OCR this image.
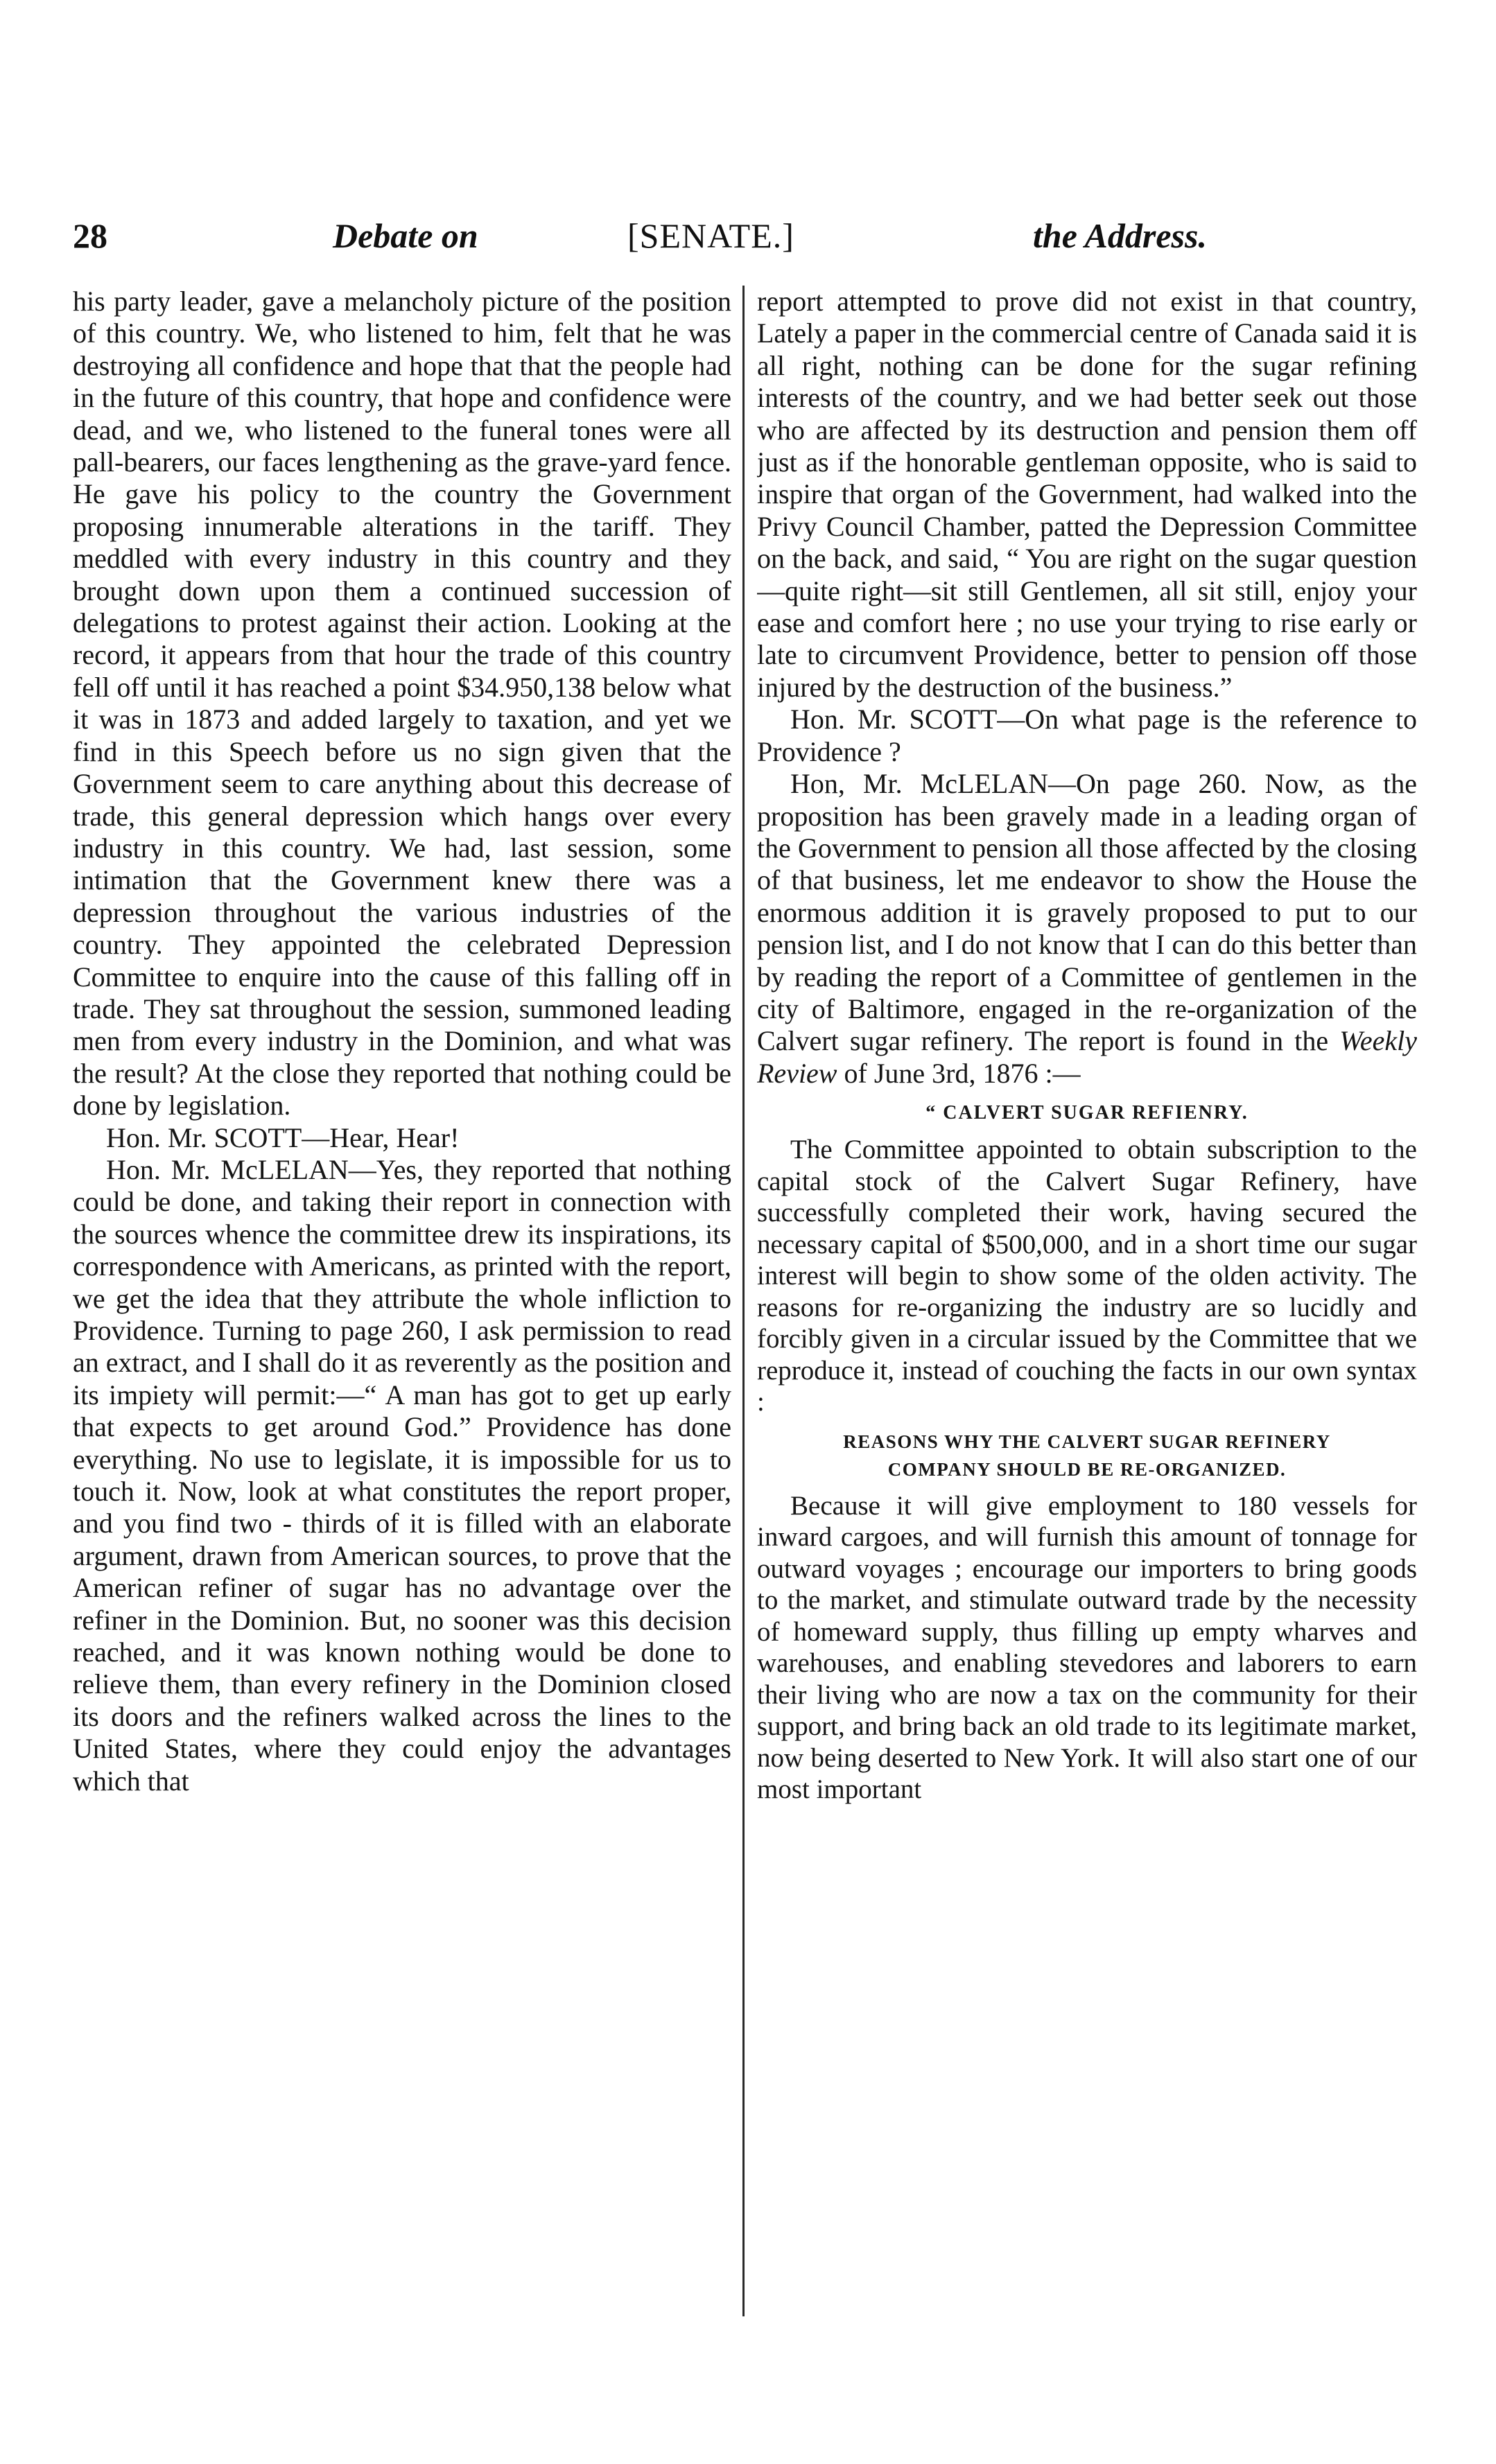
28	Debate on	[SENATE.]	the Address.

his party leader, gave a melancholy picture of the position of this country. We, who listened to him, felt that he was destroying all confidence and hope that that the people had in the future of this country, that hope and confidence were dead, and we, who listened to the funeral tones were all pall-bearers, our faces lengthening as the grave-yard fence. He gave his policy to the country the Government proposing innumerable alterations in the tariff. They meddled with every industry in this country and they brought down upon them a continued succession of delegations to protest against their action. Looking at the record, it appears from that hour the trade of this country fell off until it has reached a point $34.950,138 below what it was in 1873 and added largely to taxation, and yet we find in this Speech before us no sign given that the Government seem to care anything about this decrease of trade, this general depression which hangs over every industry in this country. We had, last session, some intimation that the Government knew there was a depression throughout the various industries of the country. They appointed the celebrated Depression Committee to enquire into the cause of this falling off in trade. They sat throughout the session, summoned leading men from every industry in the Dominion, and what was the result? At the close they reported that nothing could be done by legislation.

Hon. Mr. SCOTT—Hear, Hear!

Hon. Mr. McLELAN—Yes, they reported that nothing could be done, and taking their report in connection with the sources whence the committee drew its inspirations, its correspondence with Americans, as printed with the report, we get the idea that they attribute the whole infliction to Providence. Turning to page 260, I ask permission to read an extract, and I shall do it as reverently as the position and its impiety will permit:—“ A man has got to get up early that expects to get around God.” Providence has done everything. No use to legislate, it is impossible for us to touch it. Now, look at what constitutes the report proper, and you find two - thirds of it is filled with an elaborate argument, drawn from American sources, to prove that the American refiner of sugar has no advantage over the refiner in the Dominion. But, no sooner was this decision reached, and it was known nothing would be done to relieve them, than every refinery in the Dominion closed its doors and the refiners walked across the lines to the United States, where they could enjoy the advantages which that

report attempted to prove did not exist in that country, Lately a paper in the commercial centre of Canada said it is all right, nothing can be done for the sugar refining interests of the country, and we had better seek out those who are affected by its destruction and pension them off just as if the honorable gentleman opposite, who is said to inspire that organ of the Government, had walked into the Privy Council Chamber, patted the Depression Committee on the back, and said, “ You are right on the sugar question—quite right—sit still Gentlemen, all sit still, enjoy your ease and comfort here ; no use your trying to rise early or late to circumvent Providence, better to pension off those injured by the destruction of the business.”

Hon. Mr. SCOTT—On what page is the reference to Providence ?

Hon, Mr. McLELAN—On page 260. Now, as the proposition has been gravely made in a leading organ of the Government to pension all those affected by the closing of that business, let me endeavor to show the House the enormous addition it is gravely proposed to put to our pension list, and I do not know that I can do this better than by reading the report of a Committee of gentlemen in the city of Baltimore, engaged in the re-organization of the Calvert sugar refinery. The report is found in the Weekly Review of June 3rd, 1876 :—

“ CALVERT SUGAR REFIENRY.

The Committee appointed to obtain subscription to the capital stock of the Calvert Sugar Refinery, have successfully completed their work, having secured the necessary capital of $500,000, and in a short time our sugar interest will begin to show some of the olden activity. The reasons for re-organizing the industry are so lucidly and forcibly given in a circular issued by the Committee that we reproduce it, instead of couching the facts in our own syntax :

REASONS WHY THE CALVERT SUGAR REFINERY
COMPANY SHOULD BE RE-ORGANIZED.

Because it will give employment to 180 vessels for inward cargoes, and will furnish this amount of tonnage for outward voyages ; encourage our importers to bring goods to the market, and stimulate outward trade by the necessity of homeward supply, thus filling up empty wharves and warehouses, and enabling stevedores and laborers to earn their living who are now a tax on the community for their support, and bring back an old trade to its legitimate market, now being deserted to New York. It will also start one of our most important
